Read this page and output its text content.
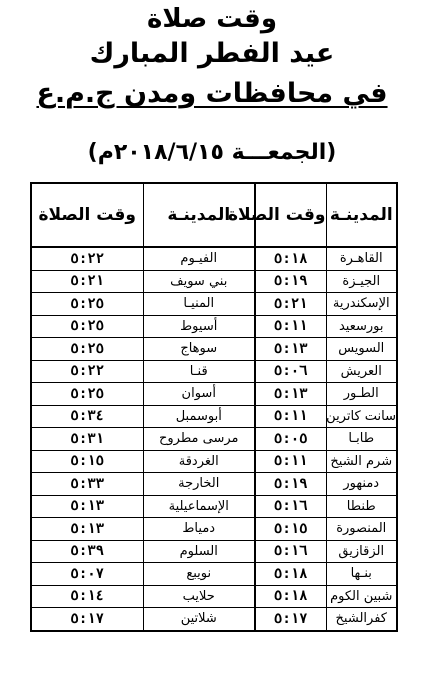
وقت صلاة
عيد الفطر المبارك
في محافظات ومدن ج.م.ع
(الجمعـــة ٢٠١٨/٦/١٥م)
المدينـة	وقت الصلاة	المدينـة	وقت الصلاة
القاهـرة	٥:١٨	الفيـوم	٥:٢٢
الجيـزة	٥:١٩	بني سويف	٥:٢١
الإسكندرية	٥:٢١	المنيـا	٥:٢٥
بورسعيد	٥:١١	أسيوط	٥:٢٥
السويس	٥:١٣	سوهاج	٥:٢٥
العريش	٥:٠٦	قنـا	٥:٢٢
الطـور	٥:١٣	أسوان	٥:٢٥
سانت كاترين	٥:١١	أبوسمبل	٥:٣٤
طابـا	٥:٠٥	مرسى مطروح	٥:٣١
شرم الشيخ	٥:١١	الغردقة	٥:١٥
دمنهور	٥:١٩	الخارجة	٥:٣٣
طنطا	٥:١٦	الإسماعيلية	٥:١٣
المنصورة	٥:١٥	دمياط	٥:١٣
الزقازيق	٥:١٦	السلوم	٥:٣٩
بنـها	٥:١٨	نويبع	٥:٠٧
شبين الكوم	٥:١٨	حلايب	٥:١٤
كفرالشيخ	٥:١٧	شلاتين	٥:١٧
